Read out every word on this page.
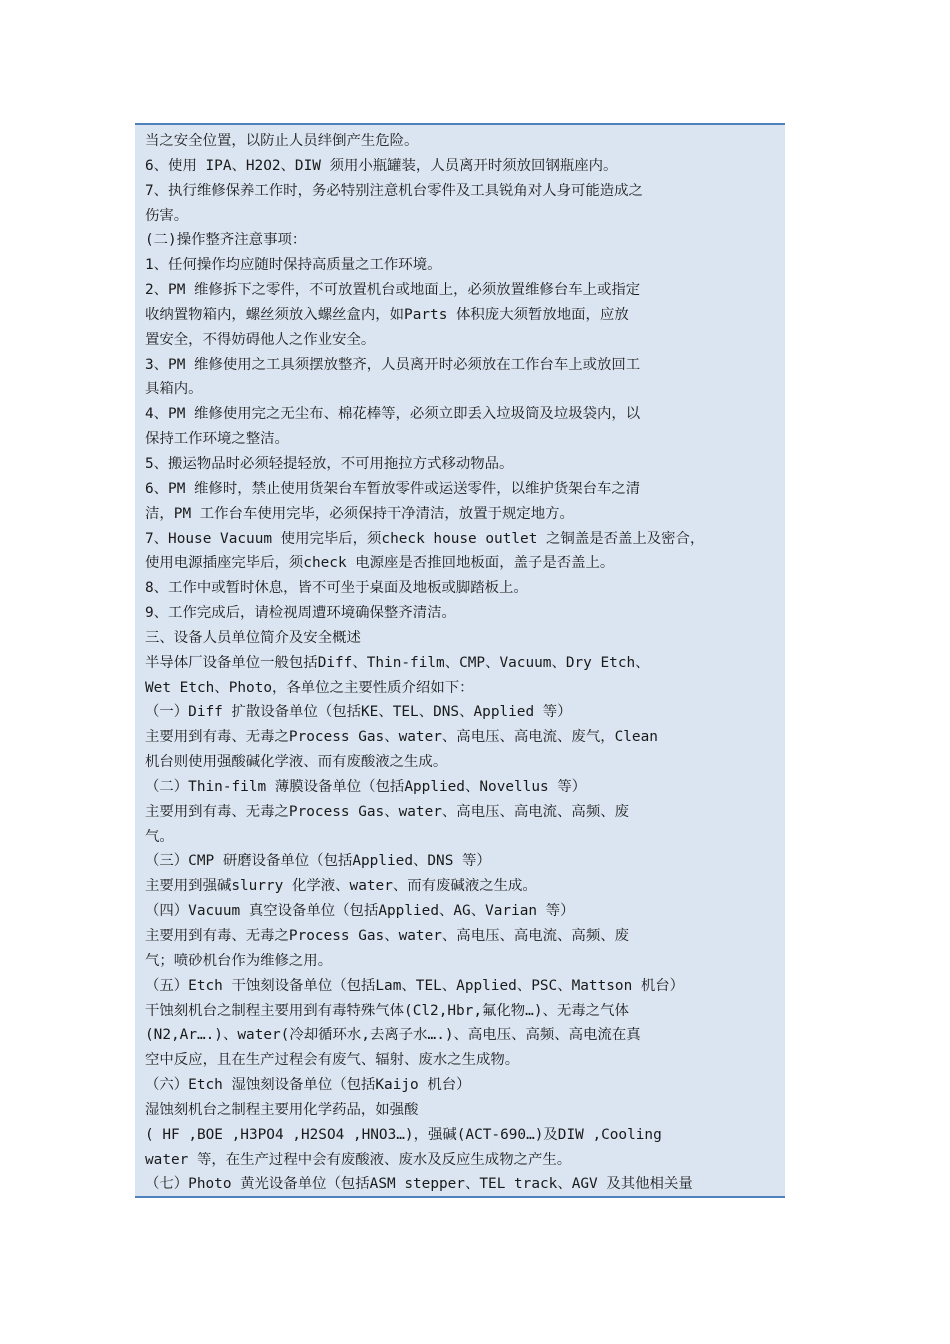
当之安全位置，以防止人员绊倒产生危险。
6、使用 IPA、H2O2、DIW 须用小瓶罐装，人员离开时须放回钢瓶座内。
7、执行维修保养工作时，务必特别注意机台零件及工具锐角对人身可能造成之
伤害。
(二)操作整齐注意事项：
1、任何操作均应随时保持高质量之工作环境。
2、PM 维修拆下之零件，不可放置机台或地面上，必须放置维修台车上或指定
收纳置物箱内，螺丝须放入螺丝盒内，如Parts 体积庞大须暂放地面，应放
置安全，不得妨碍他人之作业安全。
3、PM 维修使用之工具须摆放整齐，人员离开时必须放在工作台车上或放回工
具箱内。
4、PM 维修使用完之无尘布、棉花棒等，必须立即丢入垃圾筒及垃圾袋内，以
保持工作环境之整洁。
5、搬运物品时必须轻提轻放，不可用拖拉方式移动物品。
6、PM 维修时，禁止使用货架台车暂放零件或运送零件，以维护货架台车之清
洁，PM 工作台车使用完毕，必须保持干净清洁，放置于规定地方。
7、House Vacuum 使用完毕后，须check house outlet 之铜盖是否盖上及密合，
使用电源插座完毕后，须check 电源座是否推回地板面，盖子是否盖上。
8、工作中或暂时休息，皆不可坐于桌面及地板或脚踏板上。
9、工作完成后，请检视周遭环境确保整齐清洁。
三、设备人员单位简介及安全概述
半导体厂设备单位一般包括Diff、Thin-film、CMP、Vacuum、Dry Etch、
Wet Etch、Photo，各单位之主要性质介绍如下：
（一）Diff 扩散设备单位（包括KE、TEL、DNS、Applied 等）
主要用到有毒、无毒之Process Gas、water、高电压、高电流、废气，Clean
机台则使用强酸碱化学液、而有废酸液之生成。
（二）Thin-film 薄膜设备单位（包括Applied、Novellus 等）
主要用到有毒、无毒之Process Gas、water、高电压、高电流、高频、废
气。
（三）CMP 研磨设备单位（包括Applied、DNS 等）
主要用到强碱slurry 化学液、water、而有废碱液之生成。
（四）Vacuum 真空设备单位（包括Applied、AG、Varian 等）
主要用到有毒、无毒之Process Gas、water、高电压、高电流、高频、废
气；喷砂机台作为维修之用。
（五）Etch 干蚀刻设备单位（包括Lam、TEL、Applied、PSC、Mattson 机台）
干蚀刻机台之制程主要用到有毒特殊气体(Cl2,Hbr,氟化物…)、无毒之气体
(N2,Ar….)、water(冷却循环水,去离子水….)、高电压、高频、高电流在真
空中反应，且在生产过程会有废气、辐射、废水之生成物。
（六）Etch 湿蚀刻设备单位（包括Kaijo 机台）
湿蚀刻机台之制程主要用化学药品，如强酸
( HF ,BOE ,H3PO4 ,H2SO4 ,HNO3…)，强碱(ACT-690…)及DIW ,Cooling
water 等，在生产过程中会有废酸液、废水及反应生成物之产生。
（七）Photo 黄光设备单位（包括ASM stepper、TEL track、AGV 及其他相关量
